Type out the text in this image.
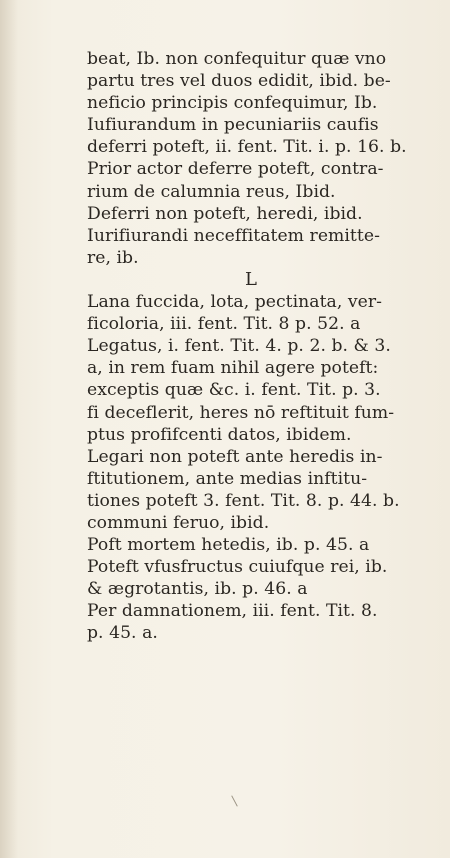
beat, Ib. non confequitur quæ vno
partu tres vel duos edidit, ibid. be-
neficio principis confequimur, Ib.
Iufiurandum in pecuniariis caufis
deferri poteft, ii. fent. Tit. i. p. 16. b.
Prior actor deferre poteft, contra-
rium de calumnia reus, Ibid.
Deferri non poteft, heredi, ibid.
Iurifiurandi neceffitatem remitte-
re, ib.
L
Lana fuccida, lota, pectinata, ver-
ficoloria, iii. fent. Tit. 8 p. 52. a
Legatus, i. fent. Tit. 4. p. 2. b. & 3.
a, in rem fuam nihil agere poteft:
exceptis quæ &c. i. fent. Tit. p. 3.
fi deceflerit, heres nō reftituit fum-
ptus profifcenti datos, ibidem.
Legari non poteft ante heredis in-
ftitutionem, ante medias inftitu-
tiones poteft 3. fent. Tit. 8. p. 44. b.
communi feruo, ibid.
Poft mortem hetedis, ib. p. 45. a
Poteft vfusfructus cuiufque rei, ib.
& ægrotantis, ib. p. 46. a
Per damnationem, iii. fent. Tit. 8.
p. 45. a.
